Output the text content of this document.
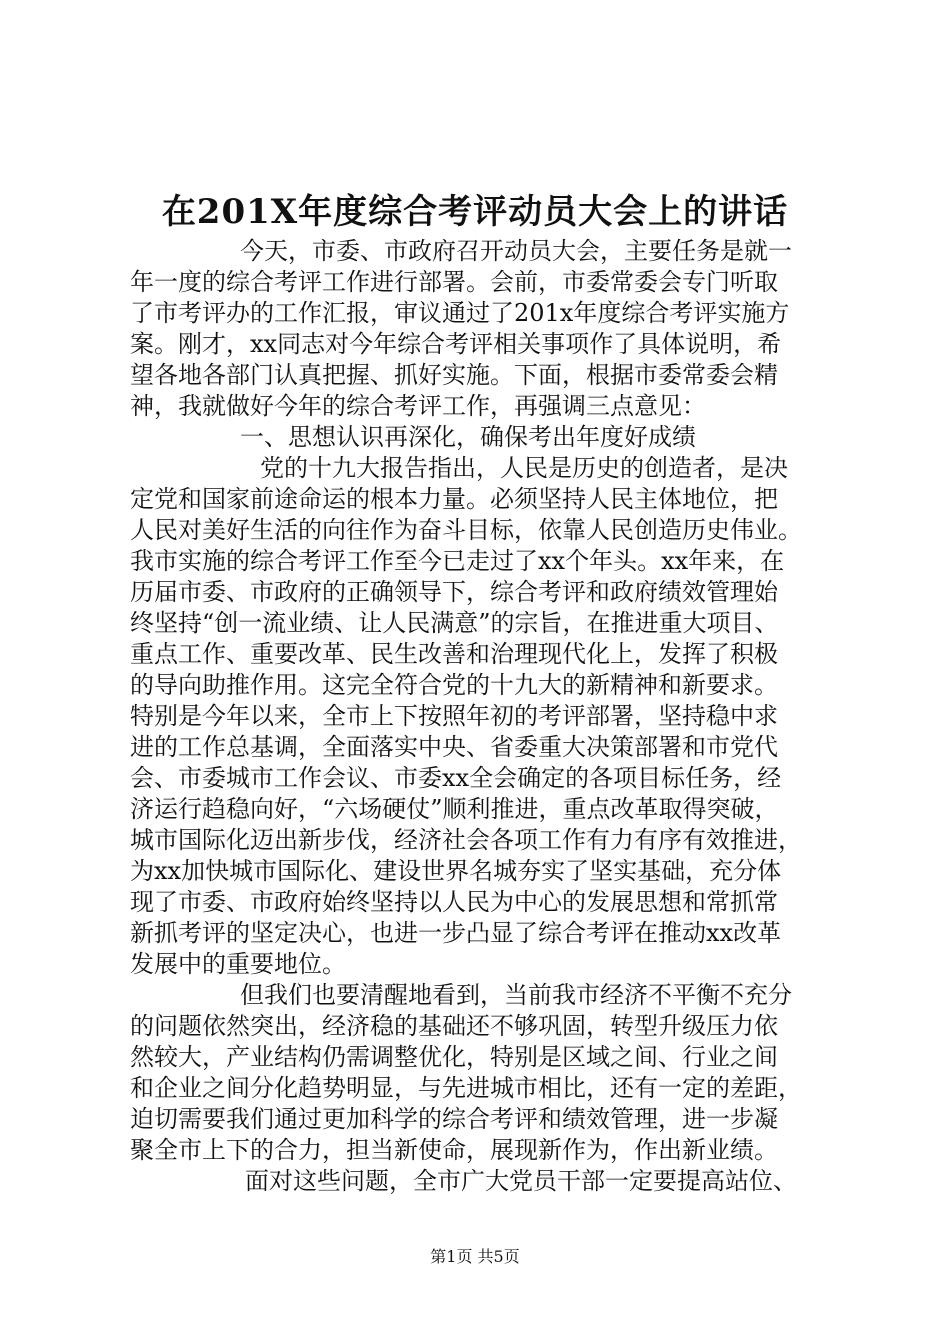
在201X年度综合考评动员大会上的讲话
今天，市委、市政府召开动员大会，主要任务是就一
年一度的综合考评工作进行部署。会前，市委常委会专门听取
了市考评办的工作汇报，审议通过了201x年度综合考评实施方
案。刚才，xx同志对今年综合考评相关事项作了具体说明，希
望各地各部门认真把握、抓好实施。下面，根据市委常委会精
神，我就做好今年的综合考评工作，再强调三点意见：
一、思想认识再深化，确保考出年度好成绩
党的十九大报告指出，人民是历史的创造者，是决
定党和国家前途命运的根本力量。必须坚持人民主体地位，把
人民对美好生活的向往作为奋斗目标，依靠人民创造历史伟业。
我市实施的综合考评工作至今已走过了xx个年头。xx年来，在
历届市委、市政府的正确领导下，综合考评和政府绩效管理始
终坚持“创一流业绩、让人民满意”的宗旨，在推进重大项目、
重点工作、重要改革、民生改善和治理现代化上，发挥了积极
的导向助推作用。这完全符合党的十九大的新精神和新要求。
特别是今年以来，全市上下按照年初的考评部署，坚持稳中求
进的工作总基调，全面落实中央、省委重大决策部署和市党代
会、市委城市工作会议、市委xx全会确定的各项目标任务，经
济运行趋稳向好，“六场硬仗”顺利推进，重点改革取得突破，
城市国际化迈出新步伐，经济社会各项工作有力有序有效推进，
为xx加快城市国际化、建设世界名城夯实了坚实基础，充分体
现了市委、市政府始终坚持以人民为中心的发展思想和常抓常
新抓考评的坚定决心，也进一步凸显了综合考评在推动xx改革
发展中的重要地位。
但我们也要清醒地看到，当前我市经济不平衡不充分
的问题依然突出，经济稳的基础还不够巩固，转型升级压力依
然较大，产业结构仍需调整优化，特别是区域之间、行业之间
和企业之间分化趋势明显，与先进城市相比，还有一定的差距，
迫切需要我们通过更加科学的综合考评和绩效管理，进一步凝
聚全市上下的合力，担当新使命，展现新作为，作出新业绩。
面对这些问题，全市广大党员干部一定要提高站位、
第1页 共5页
